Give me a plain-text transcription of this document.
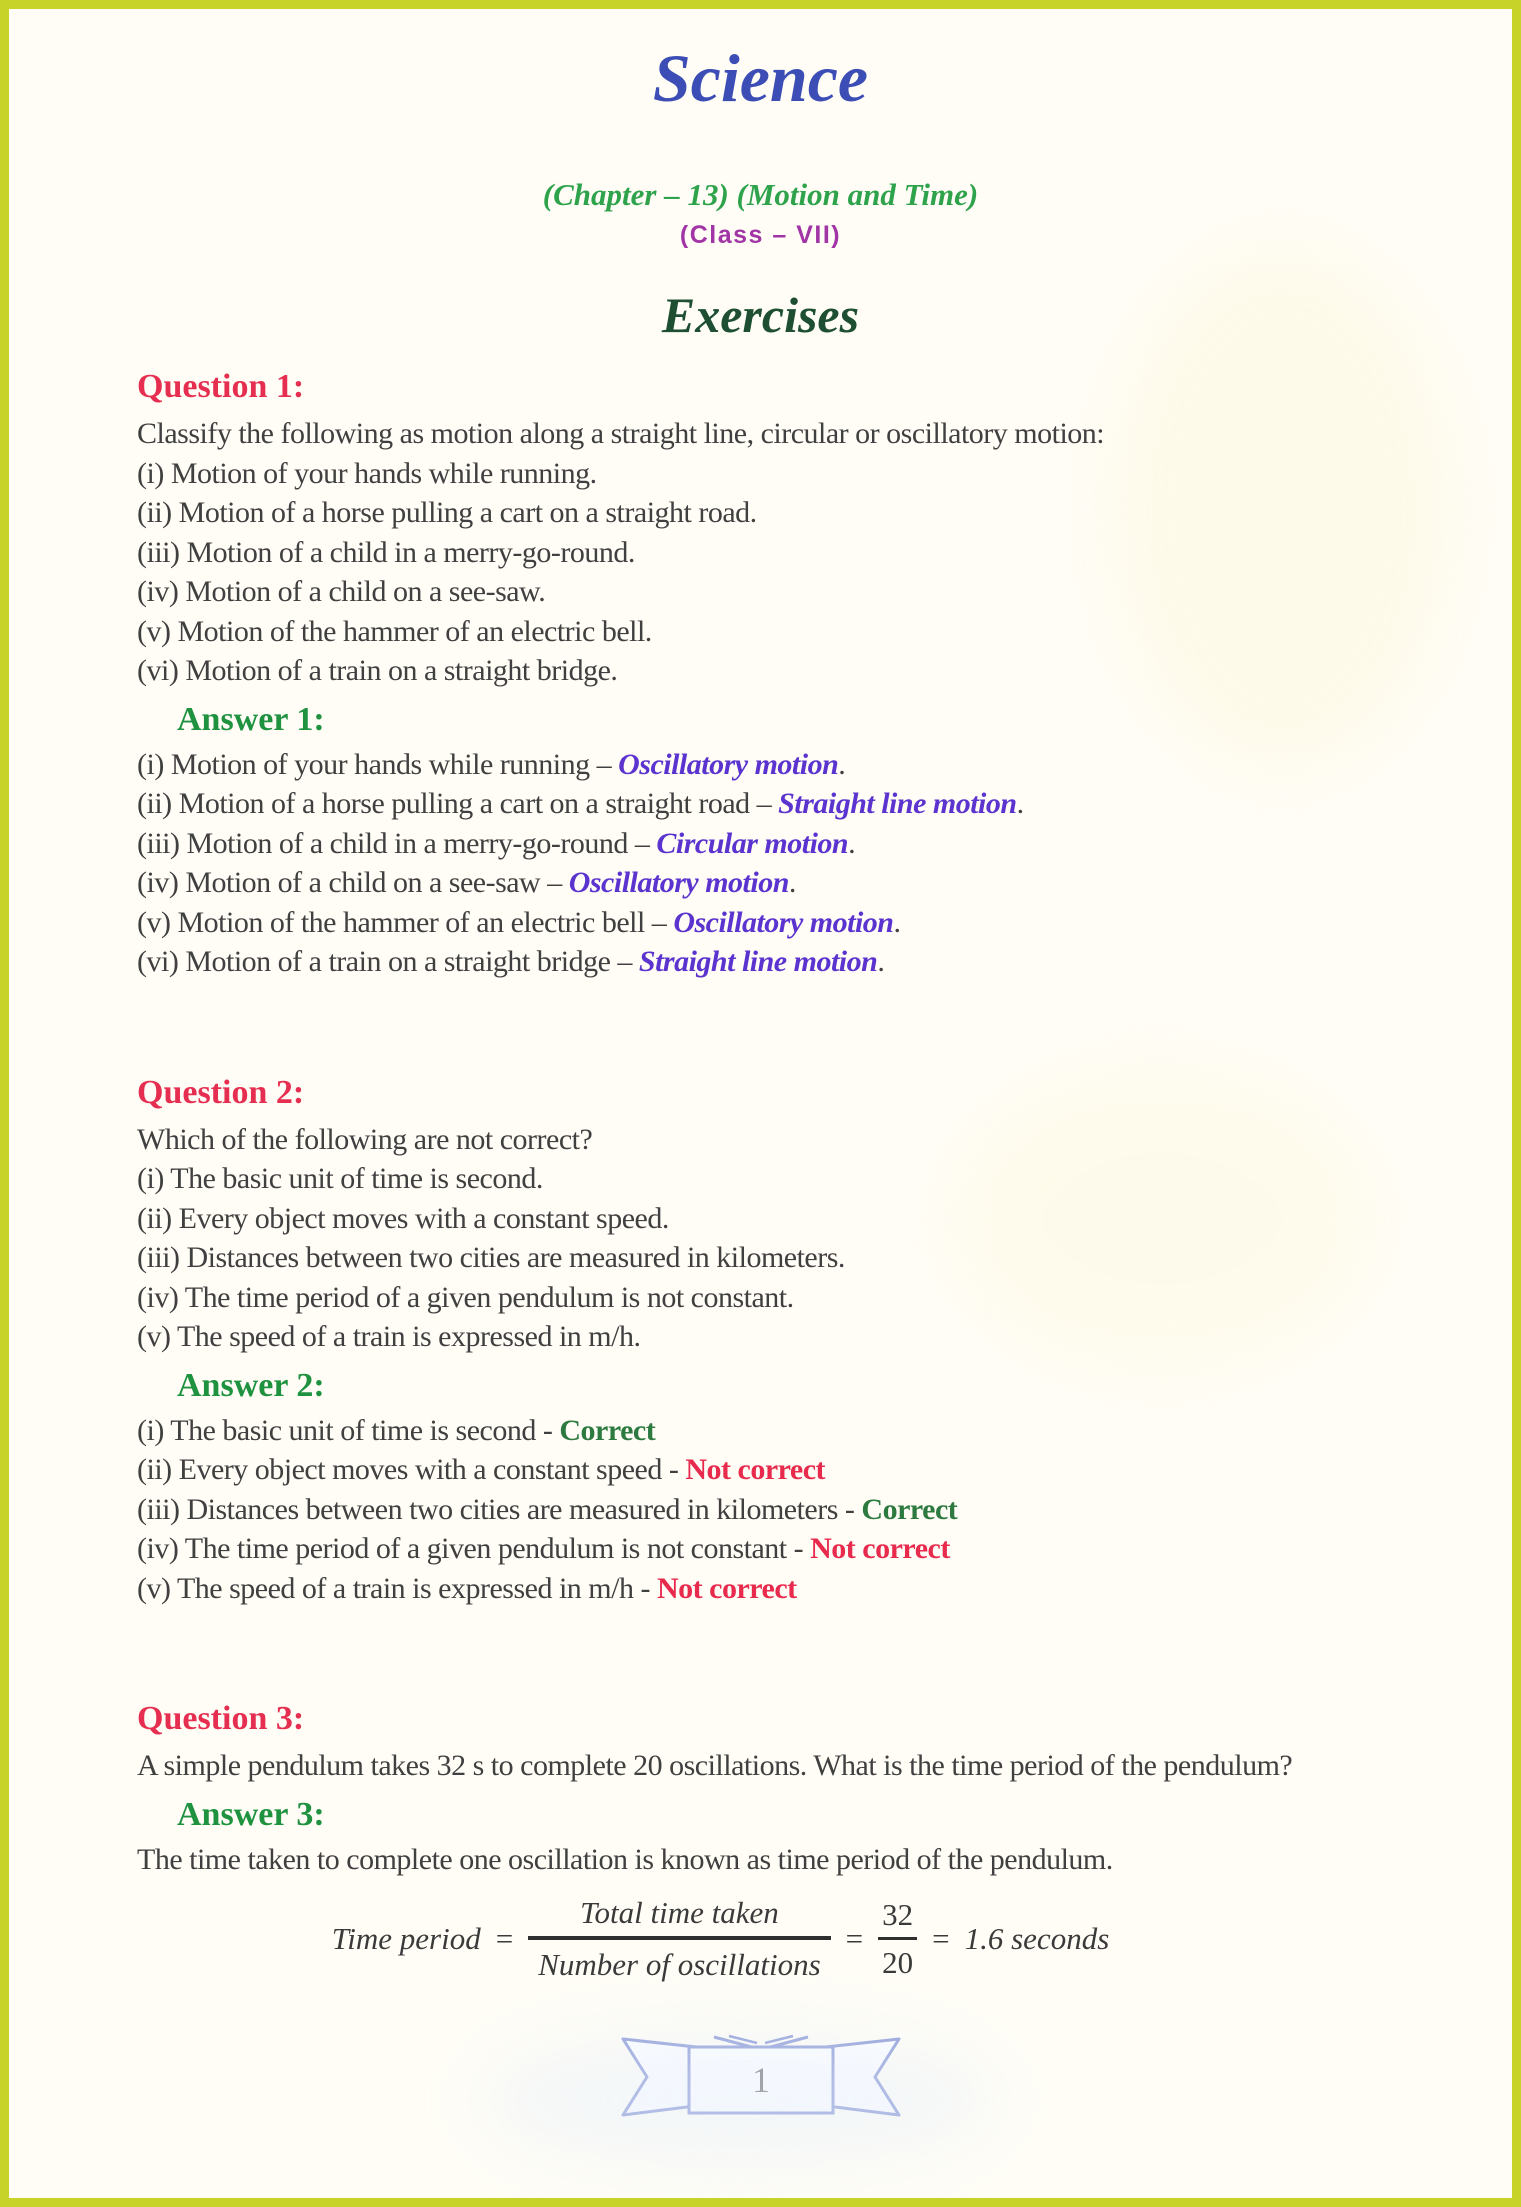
Science
(Chapter – 13) (Motion and Time)
(Class – VII)
Exercises
Question 1:
Classify the following as motion along a straight line, circular or oscillatory motion:
(i) Motion of your hands while running.
(ii) Motion of a horse pulling a cart on a straight road.
(iii) Motion of a child in a merry-go-round.
(iv) Motion of a child on a see-saw.
(v) Motion of the hammer of an electric bell.
(vi) Motion of a train on a straight bridge.
Answer 1:
(i) Motion of your hands while running – Oscillatory motion.
(ii) Motion of a horse pulling a cart on a straight road – Straight line motion.
(iii) Motion of a child in a merry-go-round – Circular motion.
(iv) Motion of a child on a see-saw – Oscillatory motion.
(v) Motion of the hammer of an electric bell – Oscillatory motion.
(vi) Motion of a train on a straight bridge – Straight line motion.
Question 2:
Which of the following are not correct?
(i) The basic unit of time is second.
(ii) Every object moves with a constant speed.
(iii) Distances between two cities are measured in kilometers.
(iv) The time period of a given pendulum is not constant.
(v) The speed of a train is expressed in m/h.
Answer 2:
(i) The basic unit of time is second - Correct
(ii) Every object moves with a constant speed - Not correct
(iii) Distances between two cities are measured in kilometers - Correct
(iv) The time period of a given pendulum is not constant - Not correct
(v) The speed of a train is expressed in m/h - Not correct
Question 3:
A simple pendulum takes 32 s to complete 20 oscillations. What is the time period of the pendulum?
Answer 3:
The time taken to complete one oscillation is known as time period of the pendulum.
Time period = $\frac{\text{Total time taken}}{\text{Number of oscillations}} = \frac{32}{20} = 1.6$ seconds
1
